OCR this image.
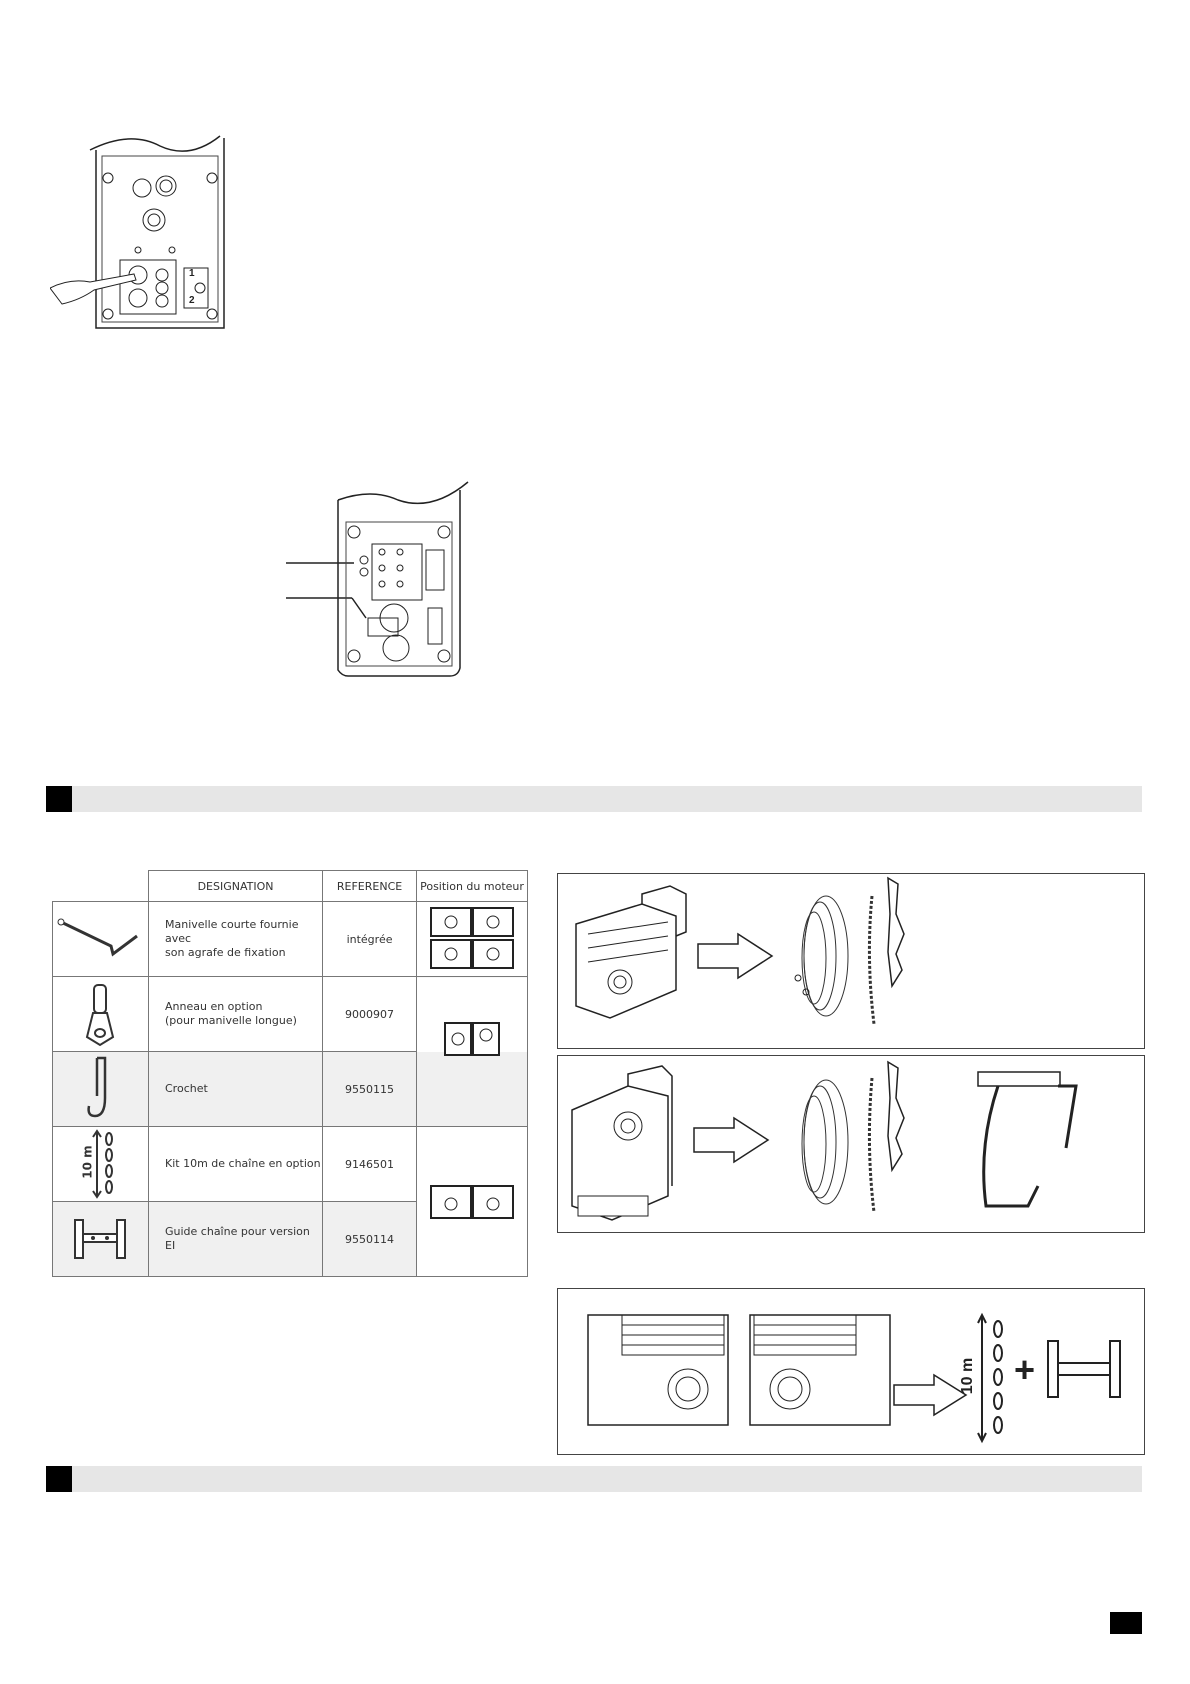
1
2
	DESIGNATION	REFERENCE	Position du moteur

Manivelle courte fournie avec
son agrafe de fixation	intégrée	

Anneau en option
(pour manivelle longue)	9000907	

Crochet	9550115	

10 m	Kit 10m de chaîne en option	9146501	

Guide chaîne pour version EI	9550114	
10 m +
